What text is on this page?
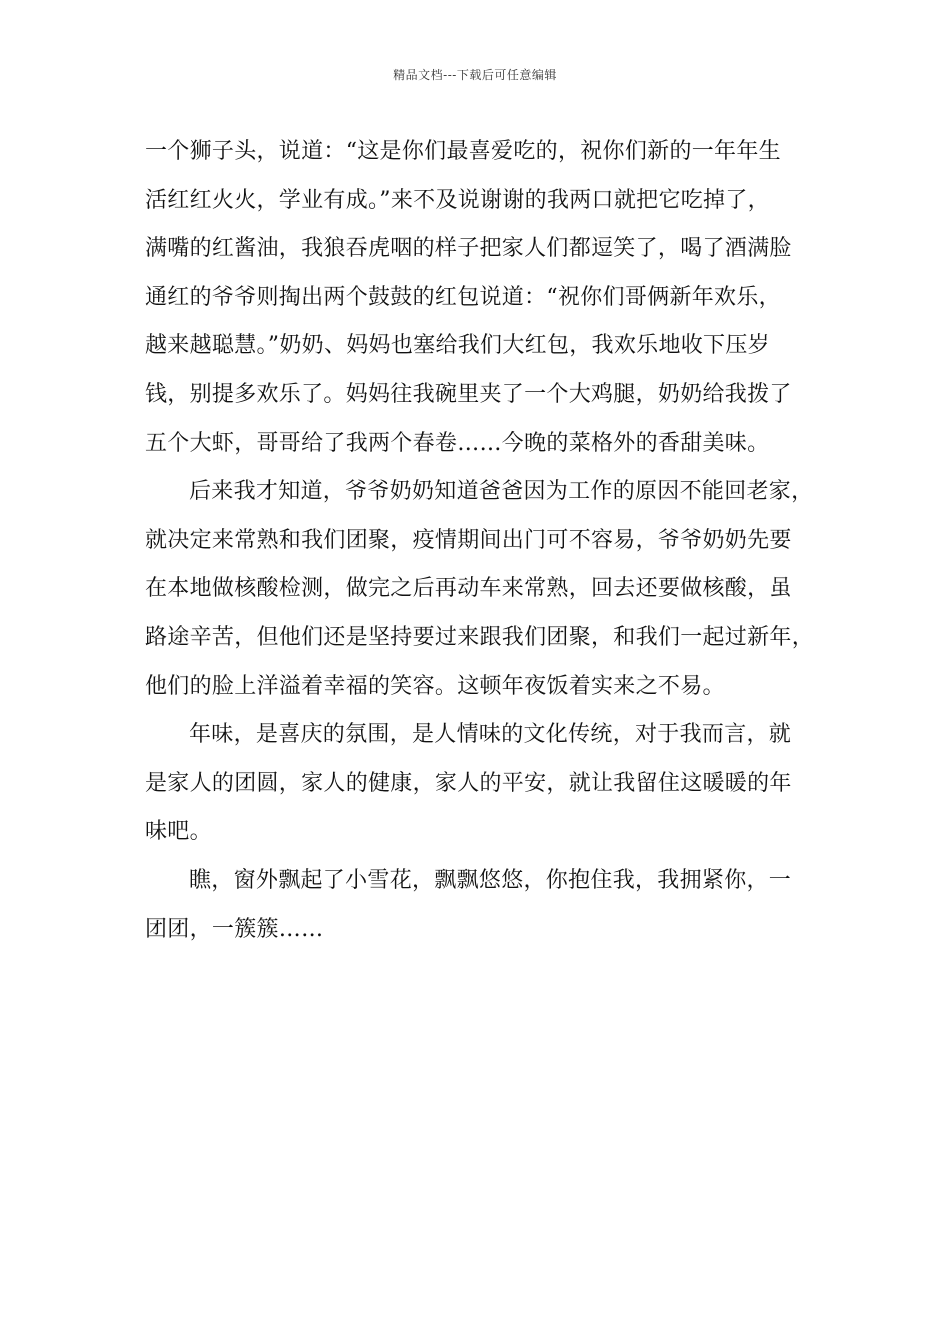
精品文档---下载后可任意编辑
一个狮子头，说道：“这是你们最喜爱吃的，祝你们新的一年年生
活红红火火，学业有成。”来不及说谢谢的我两口就把它吃掉了，
满嘴的红酱油，我狼吞虎咽的样子把家人们都逗笑了，喝了酒满脸
通红的爷爷则掏出两个鼓鼓的红包说道：“祝你们哥俩新年欢乐，
越来越聪慧。”奶奶、妈妈也塞给我们大红包，我欢乐地收下压岁
钱，别提多欢乐了。妈妈往我碗里夹了一个大鸡腿，奶奶给我拨了
五个大虾，哥哥给了我两个春卷……今晚的菜格外的香甜美味。
后来我才知道，爷爷奶奶知道爸爸因为工作的原因不能回老家，
就决定来常熟和我们团聚，疫情期间出门可不容易，爷爷奶奶先要
在本地做核酸检测，做完之后再动车来常熟，回去还要做核酸，虽
路途辛苦，但他们还是坚持要过来跟我们团聚，和我们一起过新年，
他们的脸上洋溢着幸福的笑容。这顿年夜饭着实来之不易。
年味，是喜庆的氛围，是人情味的文化传统，对于我而言，就
是家人的团圆，家人的健康，家人的平安，就让我留住这暖暖的年
味吧。
瞧，窗外飘起了小雪花，飘飘悠悠，你抱住我，我拥紧你，一
团团，一簇簇……
